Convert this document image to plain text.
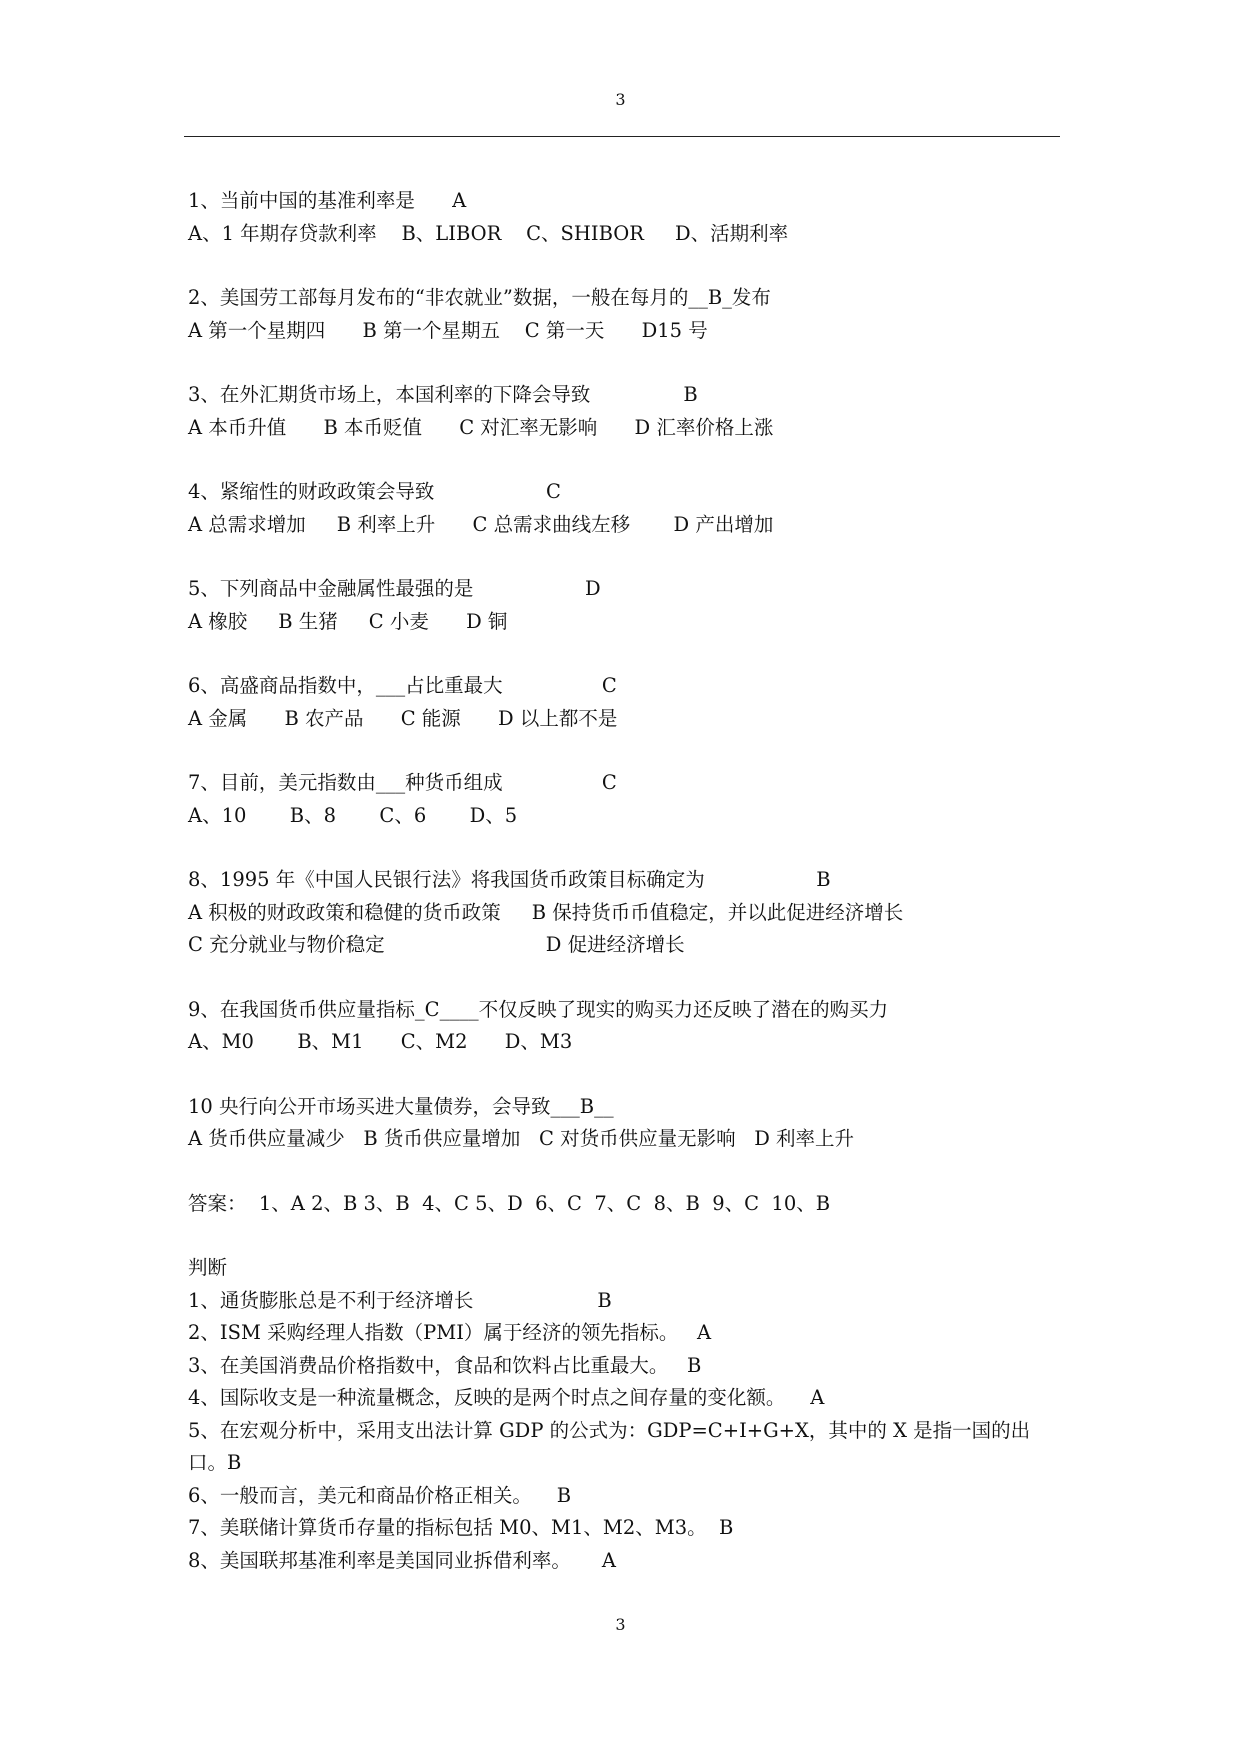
3
1、当前中国的基准利率是      A
A、1 年期存贷款利率    B、LIBOR    C、SHIBOR     D、活期利率
2、美国劳工部每月发布的“非农就业”数据，一般在每月的__B_发布
A 第一个星期四      B 第一个星期五    C 第一天      D15 号
3、在外汇期货市场上，本国利率的下降会导致               B
A 本币升值      B 本币贬值      C 对汇率无影响      D 汇率价格上涨
4、紧缩性的财政政策会导致                  C
A 总需求增加     B 利率上升      C 总需求曲线左移       D 产出增加
5、下列商品中金融属性最强的是                  D
A 橡胶     B 生猪     C 小麦      D 铜
6、高盛商品指数中，___占比重最大                C
A 金属      B 农产品      C 能源      D 以上都不是
7、目前，美元指数由___种货币组成                C
A、10       B、8       C、6       D、5
8、1995 年《中国人民银行法》将我国货币政策目标确定为                  B
A 积极的财政政策和稳健的货币政策     B 保持货币币值稳定，并以此促进经济增长
C 充分就业与物价稳定                          D 促进经济增长
9、在我国货币供应量指标_C____不仅反映了现实的购买力还反映了潜在的购买力
A、M0       B、M1      C、M2      D、M3
10 央行向公开市场买进大量债券，会导致___B__
A 货币供应量减少   B 货币供应量增加   C 对货币供应量无影响   D 利率上升
答案：  1、A 2、B 3、B  4、C 5、D  6、C  7、C  8、B  9、C  10、B
判断
1、通货膨胀总是不利于经济增长                    B
2、ISM 采购经理人指数（PMI）属于经济的领先指标。   A
3、在美国消费品价格指数中，食品和饮料占比重最大。   B
4、国际收支是一种流量概念，反映的是两个时点之间存量的变化额。    A
5、在宏观分析中，采用支出法计算 GDP 的公式为：GDP=C+I+G+X，其中的 X 是指一国的出口。B
6、一般而言，美元和商品价格正相关。    B
7、美联储计算货币存量的指标包括 M0、M1、M2、M3。  B
8、美国联邦基准利率是美国同业拆借利率。     A
3
